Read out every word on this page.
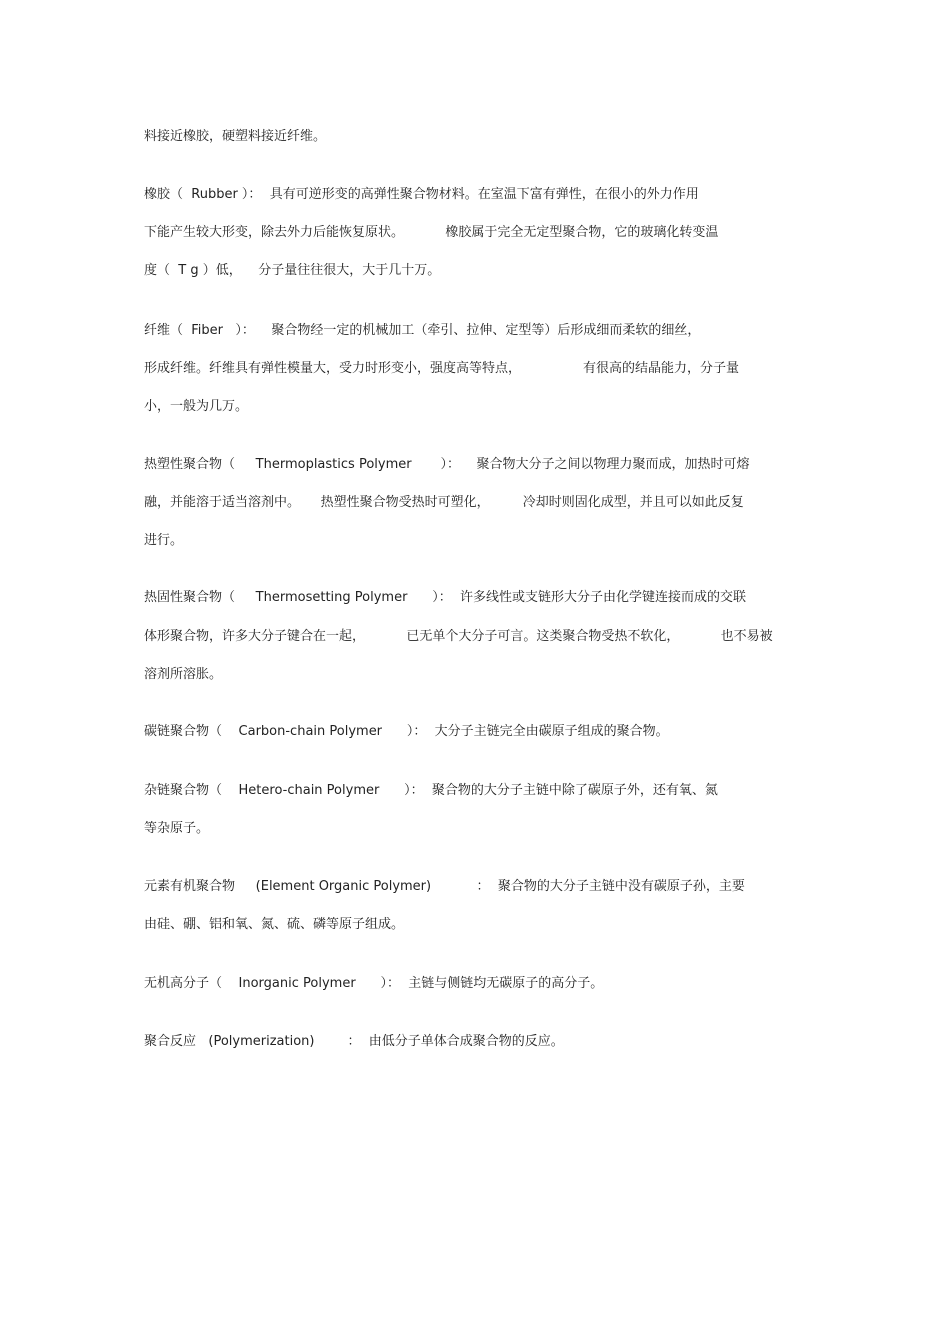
料接近橡胶，硬塑料接近纤维。
橡胶（  Rubber ）：  具有可逆形变的高弹性聚合物材料。在室温下富有弹性，在很小的外力作用
下能产生较大形变，除去外力后能恢复原状。          橡胶属于完全无定型聚合物，它的玻璃化转变温
度（  T g ）低，    分子量往往很大，大于几十万。
纤维（  Fiber   ）：    聚合物经一定的机械加工（牵引、拉伸、定型等）后形成细而柔软的细丝，
形成纤维。纤维具有弹性模量大，受力时形变小，强度高等特点，               有很高的结晶能力，分子量
小，一般为几万。
热塑性聚合物（     Thermoplastics Polymer       ）：    聚合物大分子之间以物理力聚而成，加热时可熔
融，并能溶于适当溶剂中。     热塑性聚合物受热时可塑化，        冷却时则固化成型，并且可以如此反复
进行。
热固性聚合物（     Thermosetting Polymer      ）：  许多线性或支链形大分子由化学键连接而成的交联
体形聚合物，许多大分子键合在一起，          已无单个大分子可言。这类聚合物受热不软化，          也不易被
溶剂所溶胀。
碳链聚合物（    Carbon-chain Polymer      ）：  大分子主链完全由碳原子组成的聚合物。
杂链聚合物（    Hetero-chain Polymer      ）：  聚合物的大分子主链中除了碳原子外，还有氧、氮
等杂原子。
元素有机聚合物     (Element Organic Polymer)           ：  聚合物的大分子主链中没有碳原子孙，主要
由硅、硼、铝和氧、氮、硫、磷等原子组成。
无机高分子（    Inorganic Polymer      ）：  主链与侧链均无碳原子的高分子。
聚合反应   (Polymerization)        ：  由低分子单体合成聚合物的反应。
